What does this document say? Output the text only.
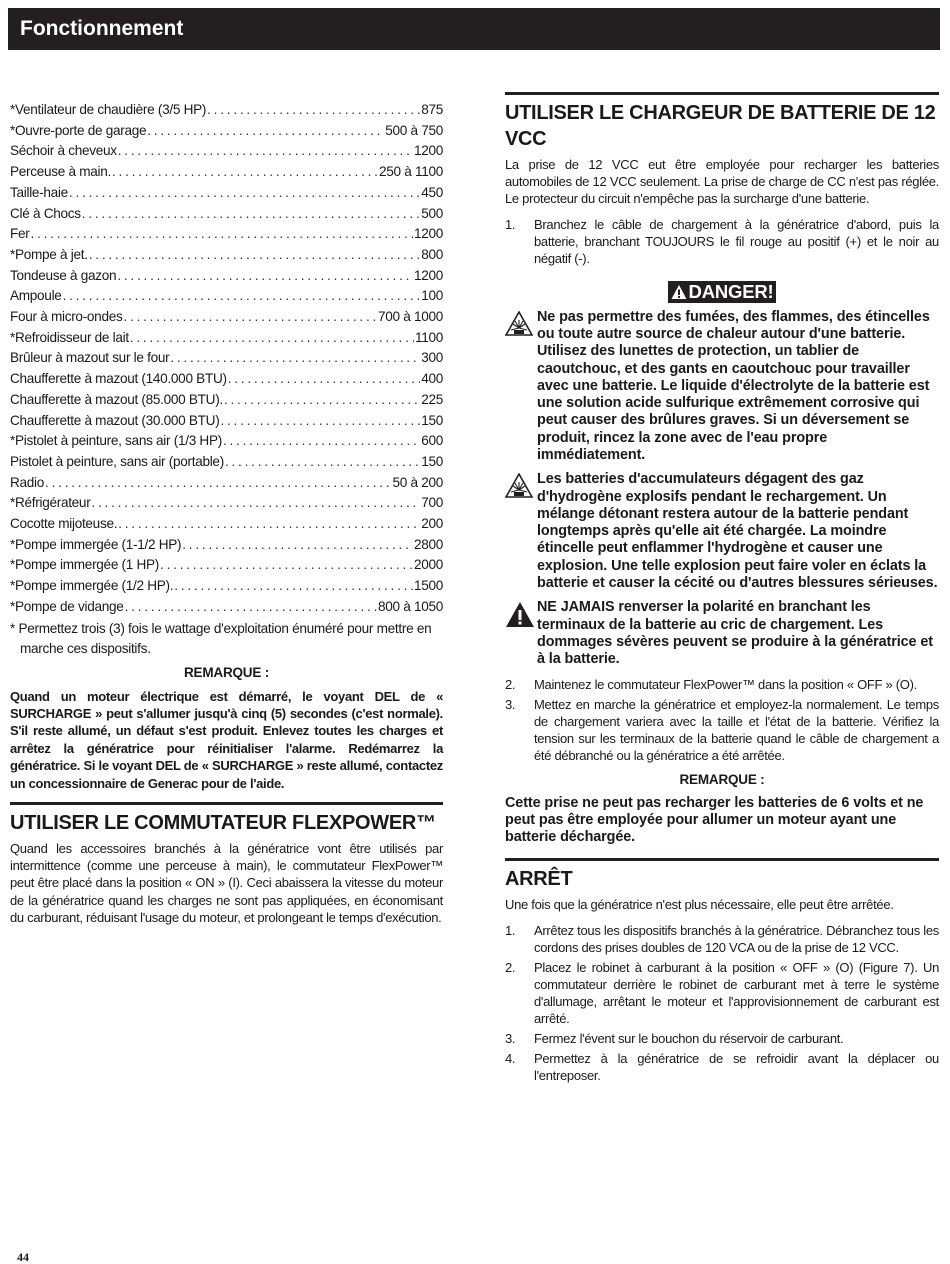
Fonctionnement
*Ventilateur de chaudière (3/5 HP) . . .	875
*Ouvre-porte de garage . . .	500 à 750
Séchoir à cheveux . . .	1200
Perceuse à main. . . .	250 à 1100
Taille-haie . . .	450
Clé à Chocs . . .	500
Fer . . .	1200
*Pompe à jet. . . .	800
Tondeuse à gazon . . .	1200
Ampoule . . .	100
Four à micro-ondes . . .	700 à 1000
*Refroidisseur de lait . . .	1100
Brûleur à mazout sur le four . . .	300
Chaufferette à mazout (140.000 BTU) . . .	400
Chaufferette à mazout (85.000 BTU). . . .	225
Chaufferette à mazout (30.000 BTU) . . .	150
*Pistolet à peinture, sans air (1/3 HP) . . .	600
Pistolet à peinture, sans air (portable) . . .	150
Radio . . .	50 à 200
*Réfrigérateur . . .	700
Cocotte mijoteuse. . . .	200
*Pompe immergée (1-1/2 HP) . . .	2800
*Pompe immergée (1 HP) . . .	2000
*Pompe immergée (1/2 HP). . . .	1500
*Pompe de vidange . . .	800 à 1050

* Permettez trois (3) fois le wattage d'exploitation énuméré pour mettre en marche ces dispositifs.

REMARQUE :

Quand un moteur électrique est démarré, le voyant DEL de « SURCHARGE » peut s'allumer jusqu'à cinq (5) secondes (c'est normale). S'il reste allumé, un défaut s'est produit. Enlevez toutes les charges et arrêtez la génératrice pour réinitialiser l'alarme. Redémarrez la génératrice. Si le voyant DEL de « SURCHARGE » reste allumé, contactez un concessionnaire de Generac pour de l'aide.

UTILISER LE COMMUTATEUR FLEXPOWER™

Quand les accessoires branchés à la génératrice vont être utilisés par intermittence (comme une perceuse à main), le commutateur FlexPower™ peut être placé dans la position « ON » (I). Ceci abaissera la vitesse du moteur de la génératrice quand les charges ne sont pas appliquées, en économisant du carburant, réduisant l'usage du moteur, et prolongeant le temps d'exécution.

UTILISER LE CHARGEUR DE BATTERIE DE 12 VCC

La prise de 12 VCC eut être employée pour recharger les batteries automobiles de 12 VCC seulement. La prise de charge de CC n'est pas réglée. Le protecteur du circuit n'empêche pas la surcharge d'une batterie.

1.	Branchez le câble de chargement à la génératrice d'abord, puis la batterie, branchant TOUJOURS le fil rouge au positif (+) et le noir au négatif (-).
DANGER!
Ne pas permettre des fumées, des flammes, des étincelles ou toute autre source de chaleur autour d'une batterie. Utilisez des lunettes de protection, un tablier de caoutchouc, et des gants en caoutchouc pour travailler avec une batterie. Le liquide d'électrolyte de la batterie est une solution acide sulfurique extrêmement corrosive qui peut causer des brûlures graves. Si un déversement se produit, rincez la zone avec de l'eau propre immédiatement.
Les batteries d'accumulateurs dégagent des gaz d'hydrogène explosifs pendant le rechargement. Un mélange détonant restera autour de la batterie pendant longtemps après qu'elle ait été chargée. La moindre étincelle peut enflammer l'hydrogène et causer une explosion. Une telle explosion peut faire voler en éclats la batterie et causer la cécité ou d'autres blessures sérieuses.
NE JAMAIS renverser la polarité en branchant les terminaux de la batterie au cric de chargement. Les dommages sévères peuvent se produire à la génératrice et à la batterie.
2.	Maintenez le commutateur FlexPower™ dans la position « OFF » (O).
3.	Mettez en marche la génératrice et employez-la normalement. Le temps de chargement variera avec la taille et l'état de la batterie. Vérifiez la tension sur les terminaux de la batterie quand le câble de chargement a été débranché ou la génératrice a été arrêtée.
REMARQUE :

Cette prise ne peut pas recharger les batteries de 6 volts et ne peut pas être employée pour allumer un moteur ayant une batterie déchargée.

ARRÊT

Une fois que la génératrice n'est plus nécessaire, elle peut être arrêtée.

1.	Arrêtez tous les dispositifs branchés à la génératrice. Débranchez tous les cordons des prises doubles de 120 VCA ou de la prise de 12 VCC.
2.	Placez le robinet à carburant à la position « OFF » (O) (Figure 7). Un commutateur derrière le robinet de carburant met à terre le système d'allumage, arrêtant le moteur et l'approvisionnement de carburant est arrêté.
3.	Fermez l'évent sur le bouchon du réservoir de carburant.
4.	Permettez à la génératrice de se refroidir avant la déplacer ou l'entreposer.
44
